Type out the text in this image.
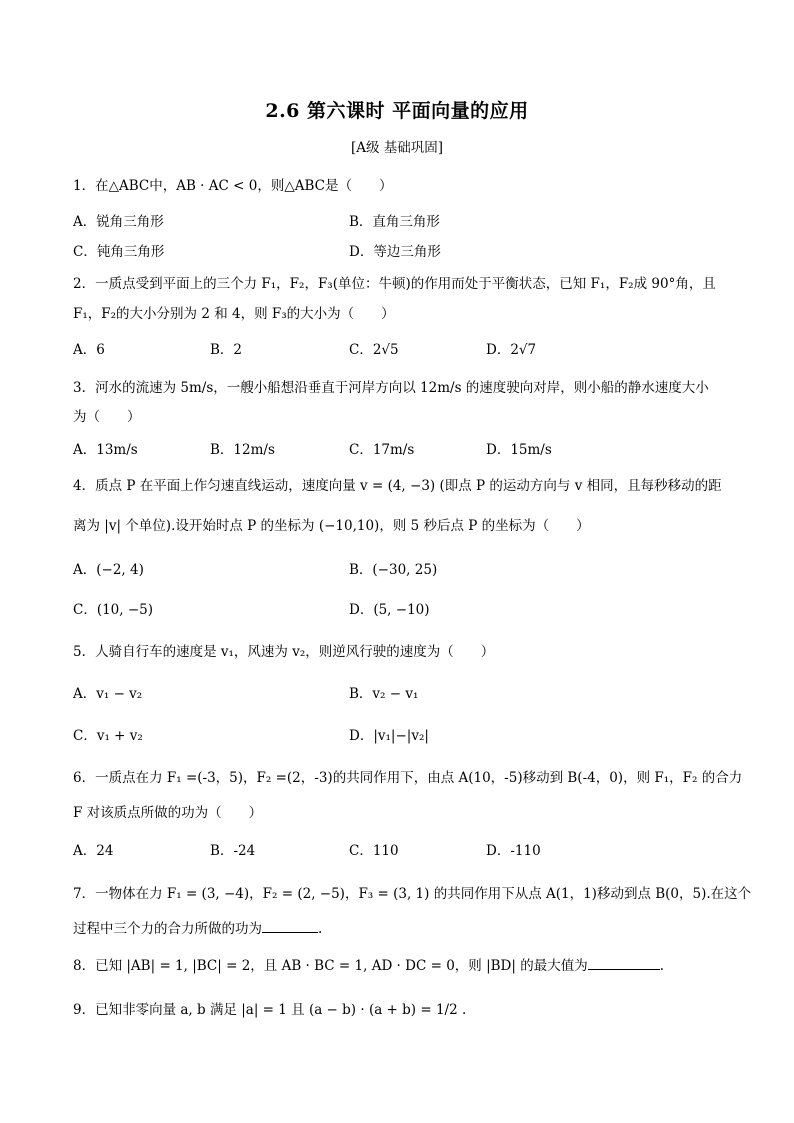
2.6 第六课时 平面向量的应用
[A级 基础巩固]
1．在△ABC中，AB · AC < 0，则△ABC是（　　）
A．锐角三角形	B．直角三角形
C．钝角三角形	D．等边三角形
2．一质点受到平面上的三个力 F₁，F₂，F₃(单位：牛顿)的作用而处于平衡状态，已知 F₁，F₂成 90°角，且
F₁，F₂的大小分别为 2 和 4，则 F₃的大小为（　　）
A．6	B．2	C．2√5	D．2√7
3．河水的流速为 5m/s，一艘小船想沿垂直于河岸方向以 12m/s 的速度驶向对岸，则小船的静水速度大小
为（　　）
A．13m/s	B．12m/s	C．17m/s	D．15m/s
4．质点 P 在平面上作匀速直线运动，速度向量 v = (4, −3) (即点 P 的运动方向与 v 相同，且每秒移动的距
离为 |v| 个单位).设开始时点 P 的坐标为 (−10,10)，则 5 秒后点 P 的坐标为（　　）
A．(−2, 4)	B．(−30, 25)
C．(10, −5)	D．(5, −10)
5．人骑自行车的速度是 v₁，风速为 v₂，则逆风行驶的速度为（　　）
A．v₁ − v₂	B．v₂ − v₁
C．v₁ + v₂	D．|v₁|−|v₂|
6．一质点在力 F₁ =(-3，5)，F₂ =(2，-3)的共同作用下，由点 A(10，-5)移动到 B(-4，0)，则 F₁，F₂ 的合力
F 对该质点所做的功为（　　）
A．24	B．-24	C．110	D．-110
7．一物体在力 F₁ = (3, −4)，F₂ = (2, −5)，F₃ = (3, 1) 的共同作用下从点 A(1，1)移动到点 B(0，5).在这个
过程中三个力的合力所做的功为	.
8．已知 |AB| = 1, |BC| = 2，且 AB · BC = 1, AD · DC = 0，则 |BD| 的最大值为	.
9．已知非零向量 a, b 满足 |a| = 1 且 (a − b) · (a + b) = 1/2 .
